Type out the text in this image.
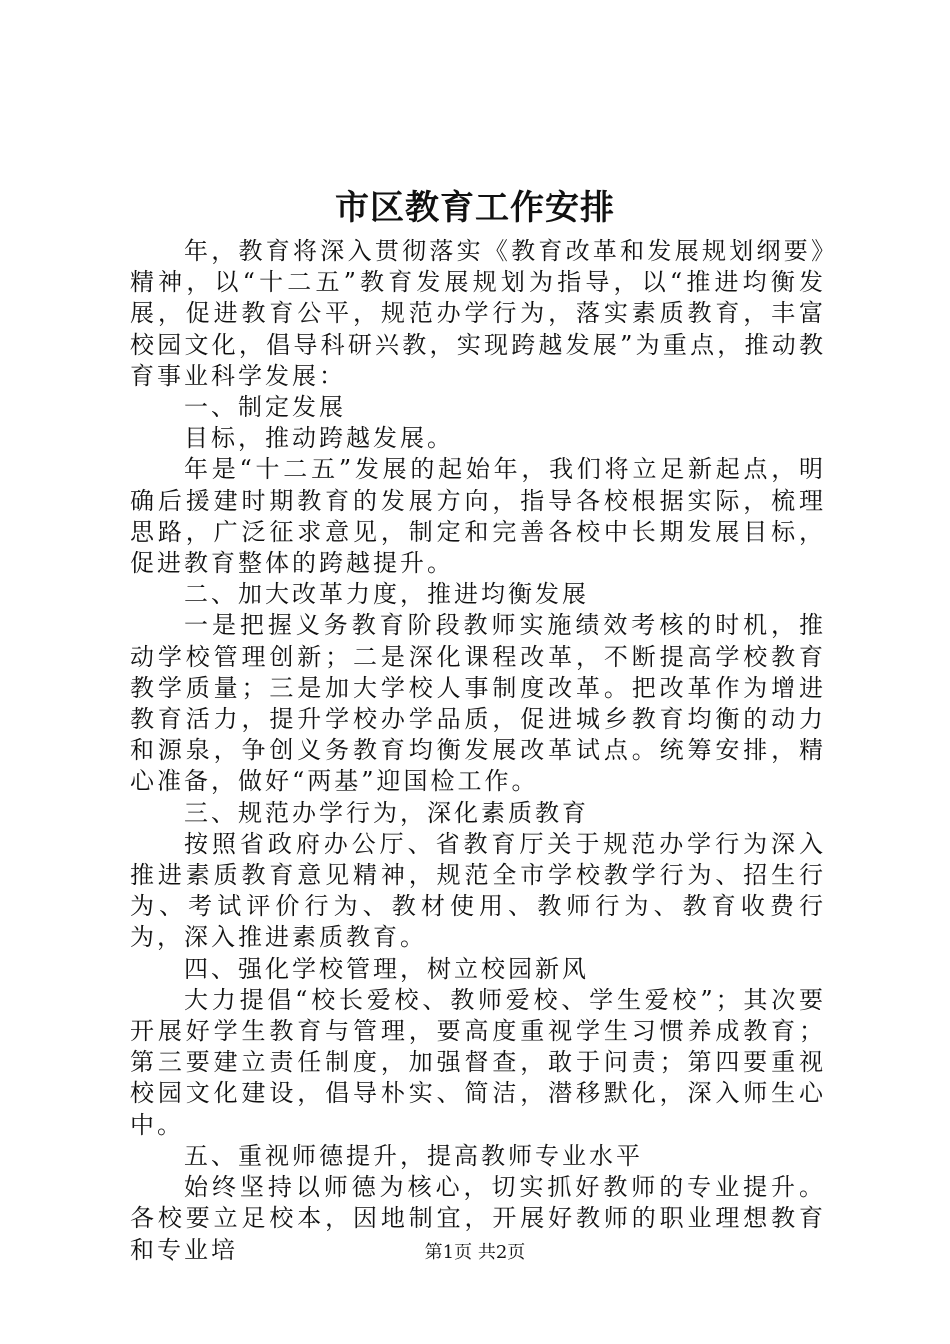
市区教育工作安排

年，教育将深入贯彻落实《教育改革和发展规划纲要》精神，以“十二五”教育发展规划为指导，以“推进均衡发展，促进教育公平，规范办学行为，落实素质教育，丰富校园文化，倡导科研兴教，实现跨越发展”为重点，推动教育事业科学发展：

一、制定发展

目标，推动跨越发展。

年是“十二五”发展的起始年，我们将立足新起点，明确后援建时期教育的发展方向，指导各校根据实际，梳理思路，广泛征求意见，制定和完善各校中长期发展目标，促进教育整体的跨越提升。

二、加大改革力度，推进均衡发展

一是把握义务教育阶段教师实施绩效考核的时机，推动学校管理创新；二是深化课程改革，不断提高学校教育教学质量；三是加大学校人事制度改革。把改革作为增进教育活力，提升学校办学品质，促进城乡教育均衡的动力和源泉，争创义务教育均衡发展改革试点。统筹安排，精心准备，做好“两基”迎国检工作。

三、规范办学行为，深化素质教育

按照省政府办公厅、省教育厅关于规范办学行为深入推进素质教育意见精神，规范全市学校教学行为、招生行为、考试评价行为、教材使用、教师行为、教育收费行为，深入推进素质教育。

四、强化学校管理，树立校园新风

大力提倡“校长爱校、教师爱校、学生爱校”；其次要开展好学生教育与管理，要高度重视学生习惯养成教育；第三要建立责任制度，加强督查，敢于问责；第四要重视校园文化建设，倡导朴实、简洁，潜移默化，深入师生心中。

五、重视师德提升，提高教师专业水平

始终坚持以师德为核心，切实抓好教师的专业提升。各校要立足校本，因地制宜，开展好教师的职业理想教育和专业培	第1页 共2页
